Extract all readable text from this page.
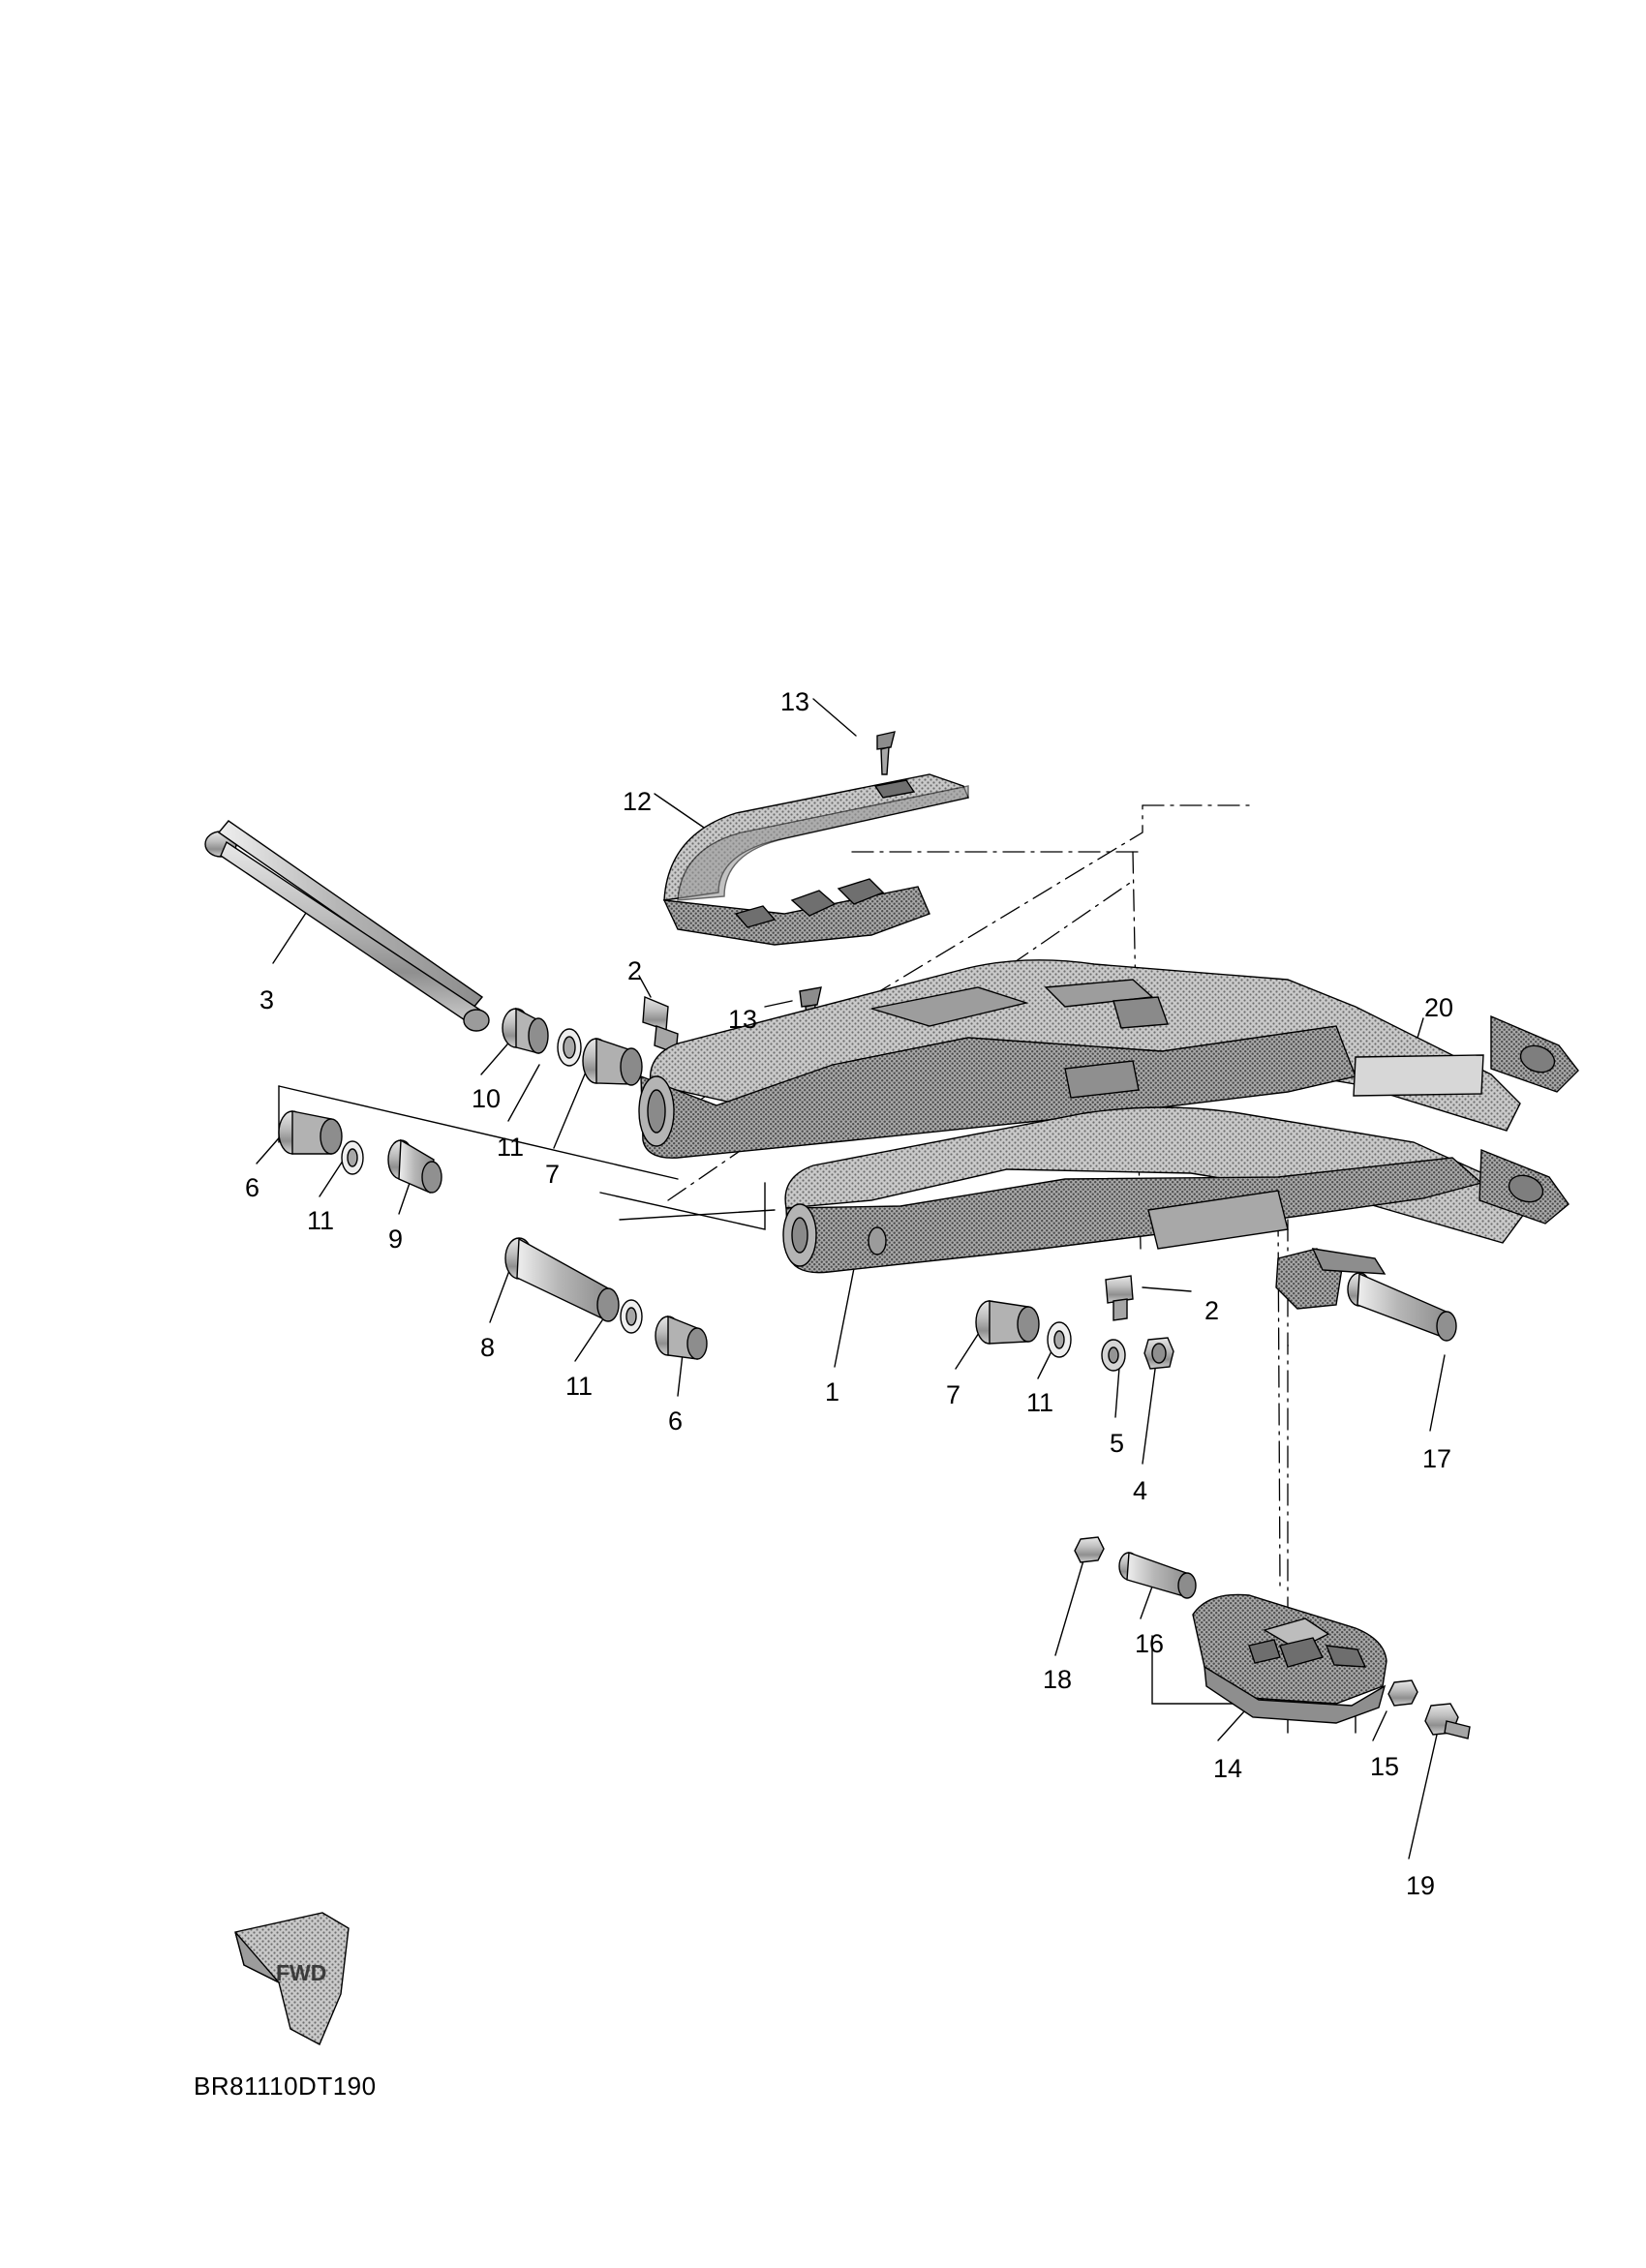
13
12
3
2
13	20
10
11
7
6
11
9
8
11
6
1
2
7	11
5
4
17
18
16
14	15
19
FWD
BR81110DT190
